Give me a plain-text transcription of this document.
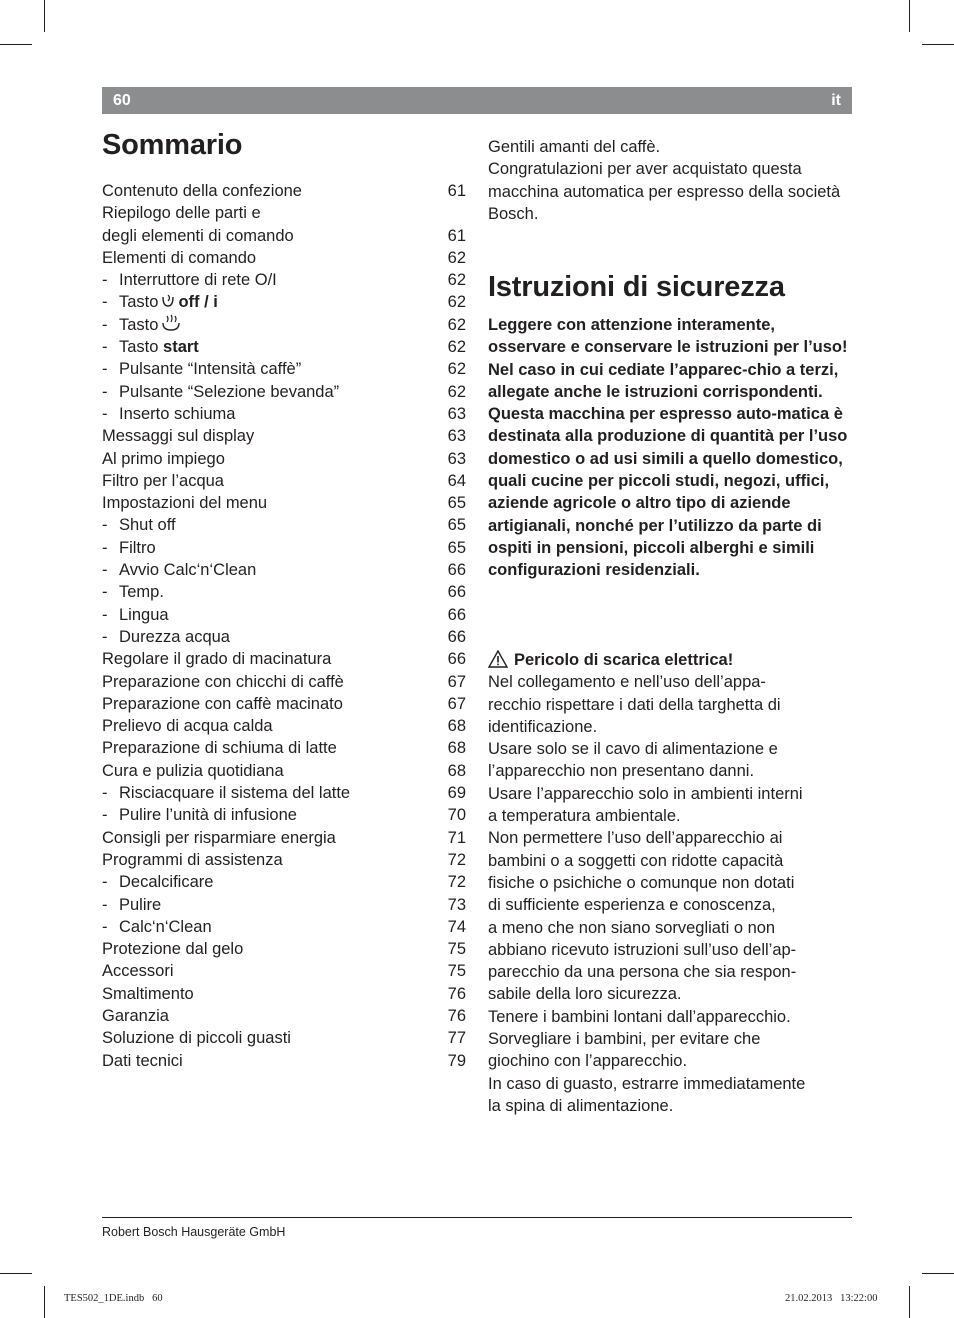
60	it
Sommario
Contenuto della confezione	61
Riepilogo delle parti e
degli elementi di comando	61
Elementi di comando	62
- Interruttore di rete O/I	62
- Tasto off / i	62
- Tasto	62
- Tasto start	62
- Pulsante “Intensità caffè”	62
- Pulsante “Selezione bevanda”	62
- Inserto schiuma	63
Messaggi sul display	63
Al primo impiego	63
Filtro per l’acqua	64
Impostazioni del menu	65
- Shut off	65
- Filtro	65
- Avvio Calc‘n‘Clean	66
- Temp.	66
- Lingua	66
- Durezza acqua	66
Regolare il grado di macinatura	66
Preparazione con chicchi di caffè	67
Preparazione con caffè macinato	67
Prelievo di acqua calda	68
Preparazione di schiuma di latte	68
Cura e pulizia quotidiana	68
- Risciacquare il sistema del latte	69
- Pulire l’unità di infusione	70
Consigli per risparmiare energia	71
Programmi di assistenza	72
- Decalcificare	72
- Pulire	73
- Calc‘n‘Clean	74
Protezione dal gelo	75
Accessori	75
Smaltimento	76
Garanzia	76
Soluzione di piccoli guasti	77
Dati tecnici	79

Gentili amanti del caffè.
Congratulazioni per aver acquistato questa macchina automatica per espresso della società Bosch.

Istruzioni di sicurezza

Leggere con attenzione interamente, osservare e conservare le istruzioni per l’uso! Nel caso in cui cediate l’apparec-chio a terzi, allegate anche le istruzioni corrispondenti.

Questa macchina per espresso auto-matica è destinata alla produzione di quantità per l’uso domestico o ad usi simili a quello domestico, quali cucine per piccoli studi, negozi, uffici, aziende agricole o altro tipo di aziende artigianali, nonché per l’utilizzo da parte di ospiti in pensioni, piccoli alberghi e simili configurazioni residenziali.

Pericolo di scarica elettrica!

Nel collegamento e nell’uso dell’appa-
recchio rispettare i dati della targhetta di
identificazione.
Usare solo se il cavo di alimentazione e
l’apparecchio non presentano danni.
Usare l’apparecchio solo in ambienti interni
a temperatura ambientale.
Non permettere l’uso dell’apparecchio ai
bambini o a soggetti con ridotte capacità
fisiche o psichiche o comunque non dotati
di sufficiente esperienza e conoscenza,
a meno che non siano sorvegliati o non
abbiano ricevuto istruzioni sull’uso dell’ap-
parecchio da una persona che sia respon-
sabile della loro sicurezza.
Tenere i bambini lontani dall’apparecchio.
Sorvegliare i bambini, per evitare che
giochino con l’apparecchio.
In caso di guasto, estrarre immediatamente
la spina di alimentazione.
Robert Bosch Hausgeräte GmbH
TES502_1DE.indb   60	21.02.2013   13:22:00
